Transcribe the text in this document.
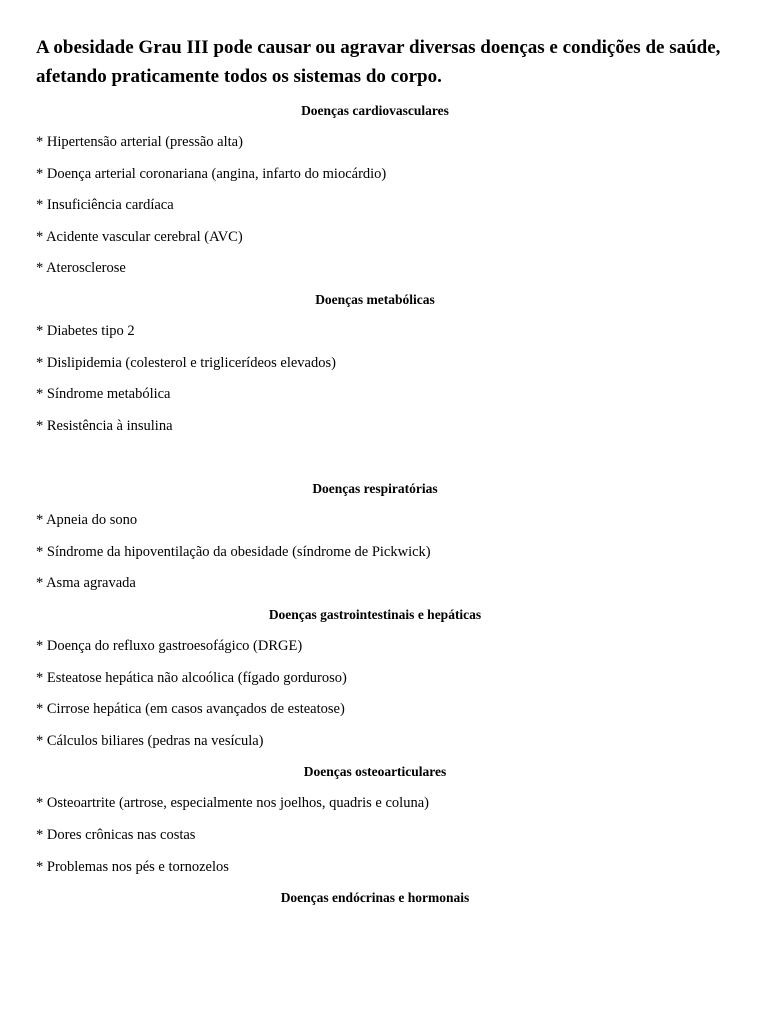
A obesidade Grau III pode causar ou agravar diversas doenças e condições de saúde, afetando praticamente todos os sistemas do corpo.

Doenças cardiovasculares

* Hipertensão arterial (pressão alta)

* Doença arterial coronariana (angina, infarto do miocárdio)

* Insuficiência cardíaca

* Acidente vascular cerebral (AVC)

* Aterosclerose

Doenças metabólicas

* Diabetes tipo 2

* Dislipidemia (colesterol e triglicerídeos elevados)

* Síndrome metabólica

* Resistência à insulina

Doenças respiratórias

* Apneia do sono

* Síndrome da hipoventilação da obesidade (síndrome de Pickwick)

* Asma agravada

Doenças gastrointestinais e hepáticas

* Doença do refluxo gastroesofágico (DRGE)

* Esteatose hepática não alcoólica (fígado gorduroso)

* Cirrose hepática (em casos avançados de esteatose)

* Cálculos biliares (pedras na vesícula)

Doenças osteoarticulares

* Osteoartrite (artrose, especialmente nos joelhos, quadris e coluna)

* Dores crônicas nas costas

* Problemas nos pés e tornozelos

Doenças endócrinas e hormonais
